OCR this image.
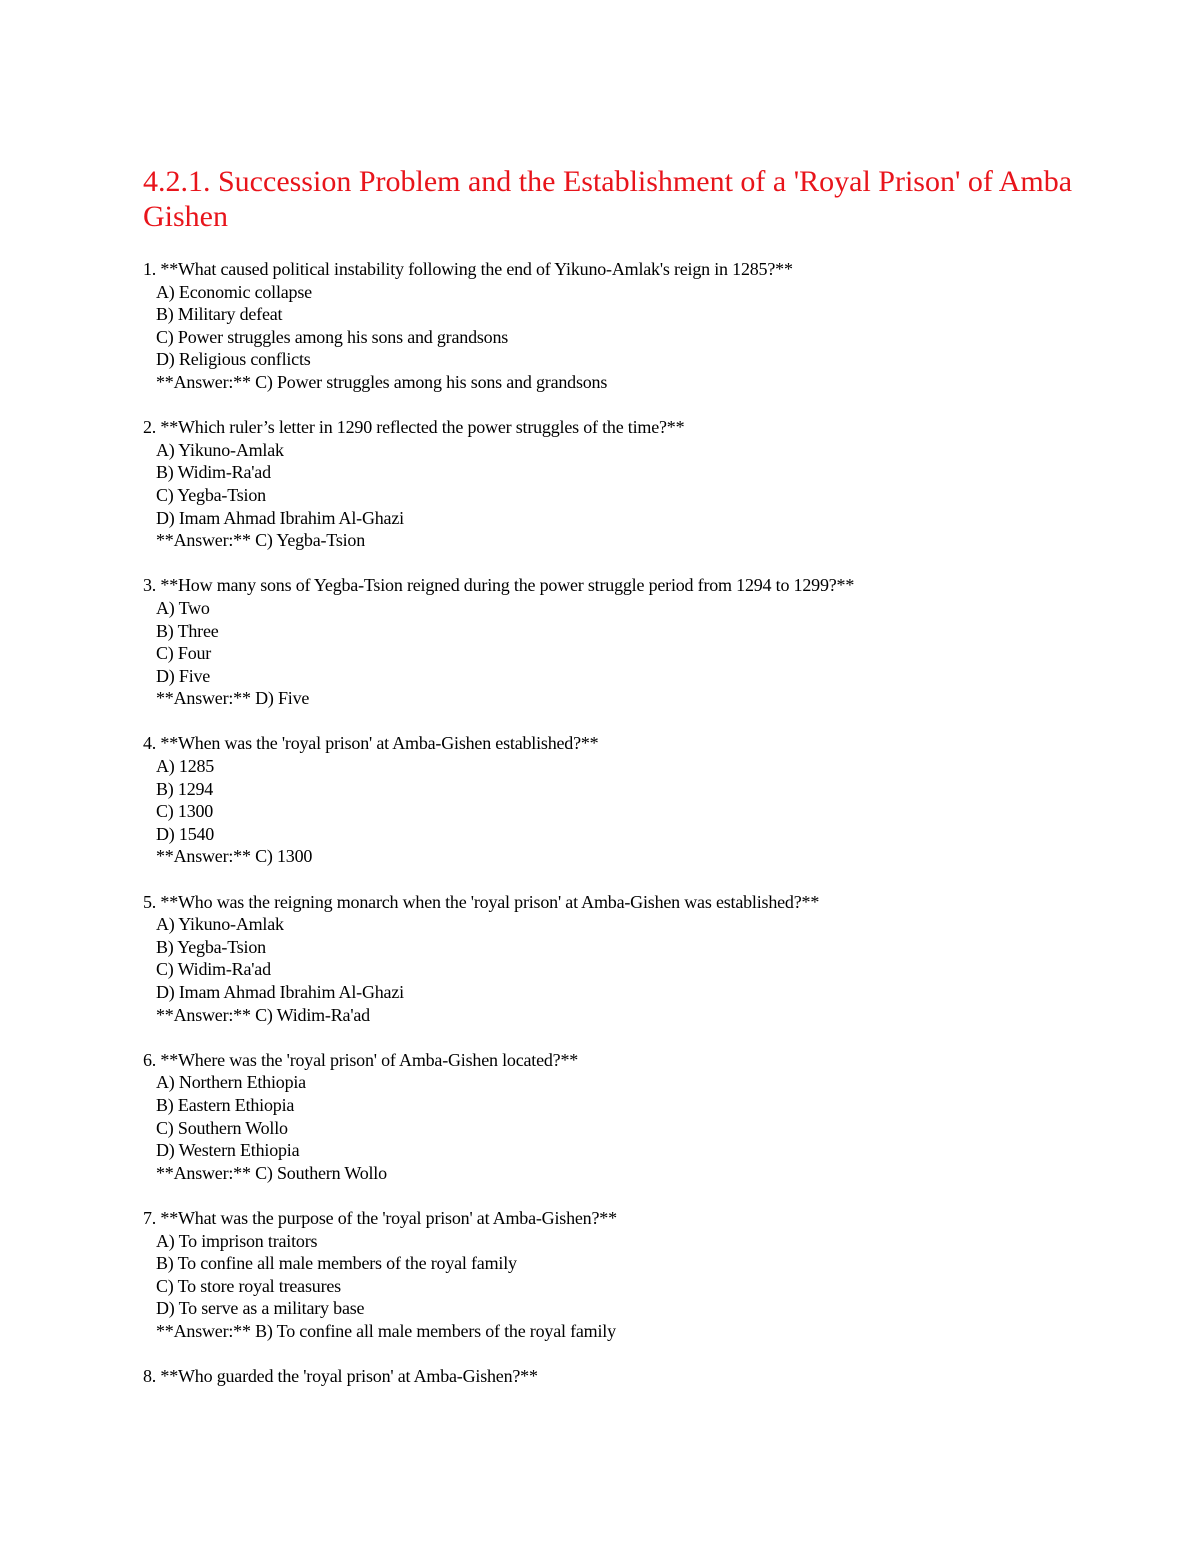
4.2.1. Succession Problem and the Establishment of a 'Royal Prison' of Amba Gishen
1. **What caused political instability following the end of Yikuno-Amlak's reign in 1285?**
A) Economic collapse
B) Military defeat
C) Power struggles among his sons and grandsons
D) Religious conflicts
**Answer:** C) Power struggles among his sons and grandsons
2. **Which ruler’s letter in 1290 reflected the power struggles of the time?**
A) Yikuno-Amlak
B) Widim-Ra'ad
C) Yegba-Tsion
D) Imam Ahmad Ibrahim Al-Ghazi
**Answer:** C) Yegba-Tsion
3. **How many sons of Yegba-Tsion reigned during the power struggle period from 1294 to 1299?**
A) Two
B) Three
C) Four
D) Five
**Answer:** D) Five
4. **When was the 'royal prison' at Amba-Gishen established?**
A) 1285
B) 1294
C) 1300
D) 1540
**Answer:** C) 1300
5. **Who was the reigning monarch when the 'royal prison' at Amba-Gishen was established?**
A) Yikuno-Amlak
B) Yegba-Tsion
C) Widim-Ra'ad
D) Imam Ahmad Ibrahim Al-Ghazi
**Answer:** C) Widim-Ra'ad
6. **Where was the 'royal prison' of Amba-Gishen located?**
A) Northern Ethiopia
B) Eastern Ethiopia
C) Southern Wollo
D) Western Ethiopia
**Answer:** C) Southern Wollo
7. **What was the purpose of the 'royal prison' at Amba-Gishen?**
A) To imprison traitors
B) To confine all male members of the royal family
C) To store royal treasures
D) To serve as a military base
**Answer:** B) To confine all male members of the royal family
8. **Who guarded the 'royal prison' at Amba-Gishen?**
